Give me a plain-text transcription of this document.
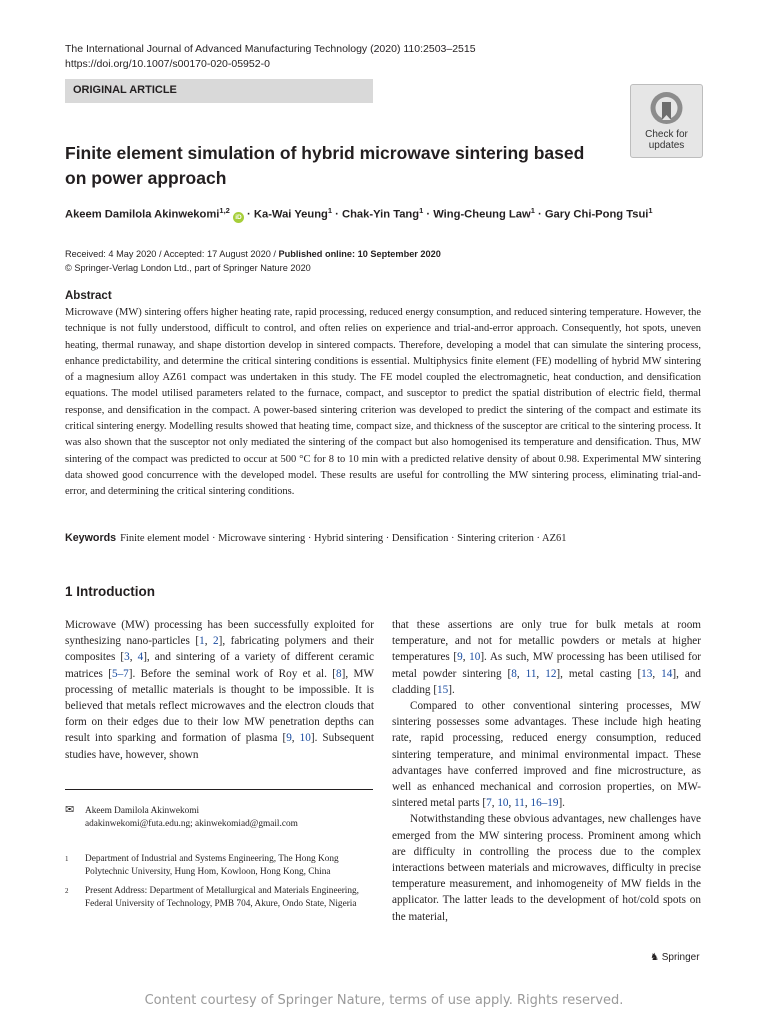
The International Journal of Advanced Manufacturing Technology (2020) 110:2503–2515
https://doi.org/10.1007/s00170-020-05952-0
ORIGINAL ARTICLE
Check for
updates
Finite element simulation of hybrid microwave sintering based
on power approach
Akeem Damilola Akinwekomi$^{1,2}$ iD · Ka-Wai Yeung$^1$ · Chak-Yin Tang$^1$ · Wing-Cheung Law$^1$ · Gary Chi-Pong Tsui$^1$
Received: 4 May 2020 / Accepted: 17 August 2020 / Published online: 10 September 2020
© Springer-Verlag London Ltd., part of Springer Nature 2020
Abstract
Microwave (MW) sintering offers higher heating rate, rapid processing, reduced energy consumption, and reduced sintering temperature. However, the technique is not fully understood, difficult to control, and often relies on experience and trial-and-error approach. Consequently, hot spots, uneven heating, thermal runaway, and shape distortion develop in sintered compacts. Therefore, developing a model that can simulate the sintering process, enhance predictability, and determine the critical sintering conditions is essential. Multiphysics finite element (FE) modelling of hybrid MW sintering of a magnesium alloy AZ61 compact was undertaken in this study. The FE model coupled the electromagnetic, heat conduction, and densification equations. The model utilised parameters related to the furnace, compact, and susceptor to predict the spatial distribution of electric field, thermal response, and densification in the compact. A power-based sintering criterion was developed to predict the sintering of the compact and estimate its critical sintering energy. Modelling results showed that heating time, compact size, and thickness of the susceptor are critical to the sintering process. It was also shown that the susceptor not only mediated the sintering of the compact but also homogenised its temperature and densification. Thus, MW sintering of the compact was predicted to occur at 500 °C for 8 to 10 min with a predicted relative density of about 0.98. Experimental MW sintering data showed good concurrence with the developed model. These results are useful for controlling the MW sintering process, eliminating trial-and-error, and determining the critical sintering conditions.
Keywords Finite element model · Microwave sintering · Hybrid sintering · Densification · Sintering criterion · AZ61
1 Introduction

Microwave (MW) processing has been successfully exploited for synthesizing nano-particles [1, 2], fabricating polymers and their composites [3, 4], and sintering of a variety of different ceramic matrices [5–7]. Before the seminal work of Roy et al. [8], MW processing of metallic materials is thought to be impossible. It is believed that metals reflect microwaves and the electron clouds that form on their edges due to their low MW penetration depths can result into sparking and formation of plasma [9, 10]. Subsequent studies have, however, shown

✉ Akeem Damilola Akinwekomi
adakinwekomi@futa.edu.ng; akinwekomiad@gmail.com
1 Department of Industrial and Systems Engineering, The Hong Kong Polytechnic University, Hung Hom, Kowloon, Hong Kong, China
2 Present Address: Department of Metallurgical and Materials Engineering, Federal University of Technology, PMB 704, Akure, Ondo State, Nigeria

that these assertions are only true for bulk metals at room temperature, and not for metallic powders or metals at higher temperatures [9, 10]. As such, MW processing has been utilised for metal powder sintering [8, 11, 12], metal casting [13, 14], and cladding [15].

Compared to other conventional sintering processes, MW sintering possesses some advantages. These include high heating rate, rapid processing, reduced energy consumption, reduced sintering temperature, and minimal environmental impact. These advantages have conferred improved and fine microstructure, as well as enhanced mechanical and corrosion properties, on MW-sintered metal parts [7, 10, 11, 16–19].

Notwithstanding these obvious advantages, new challenges have emerged from the MW sintering process. Prominent among which are difficulty in controlling the process due to the complex interactions between materials and microwaves, difficulty in precise temperature measurement, and inhomogeneity of MW fields in the applicator. The latter leads to the development of hot/cold spots on the material,

♞ Springer
Content courtesy of Springer Nature, terms of use apply. Rights reserved.
